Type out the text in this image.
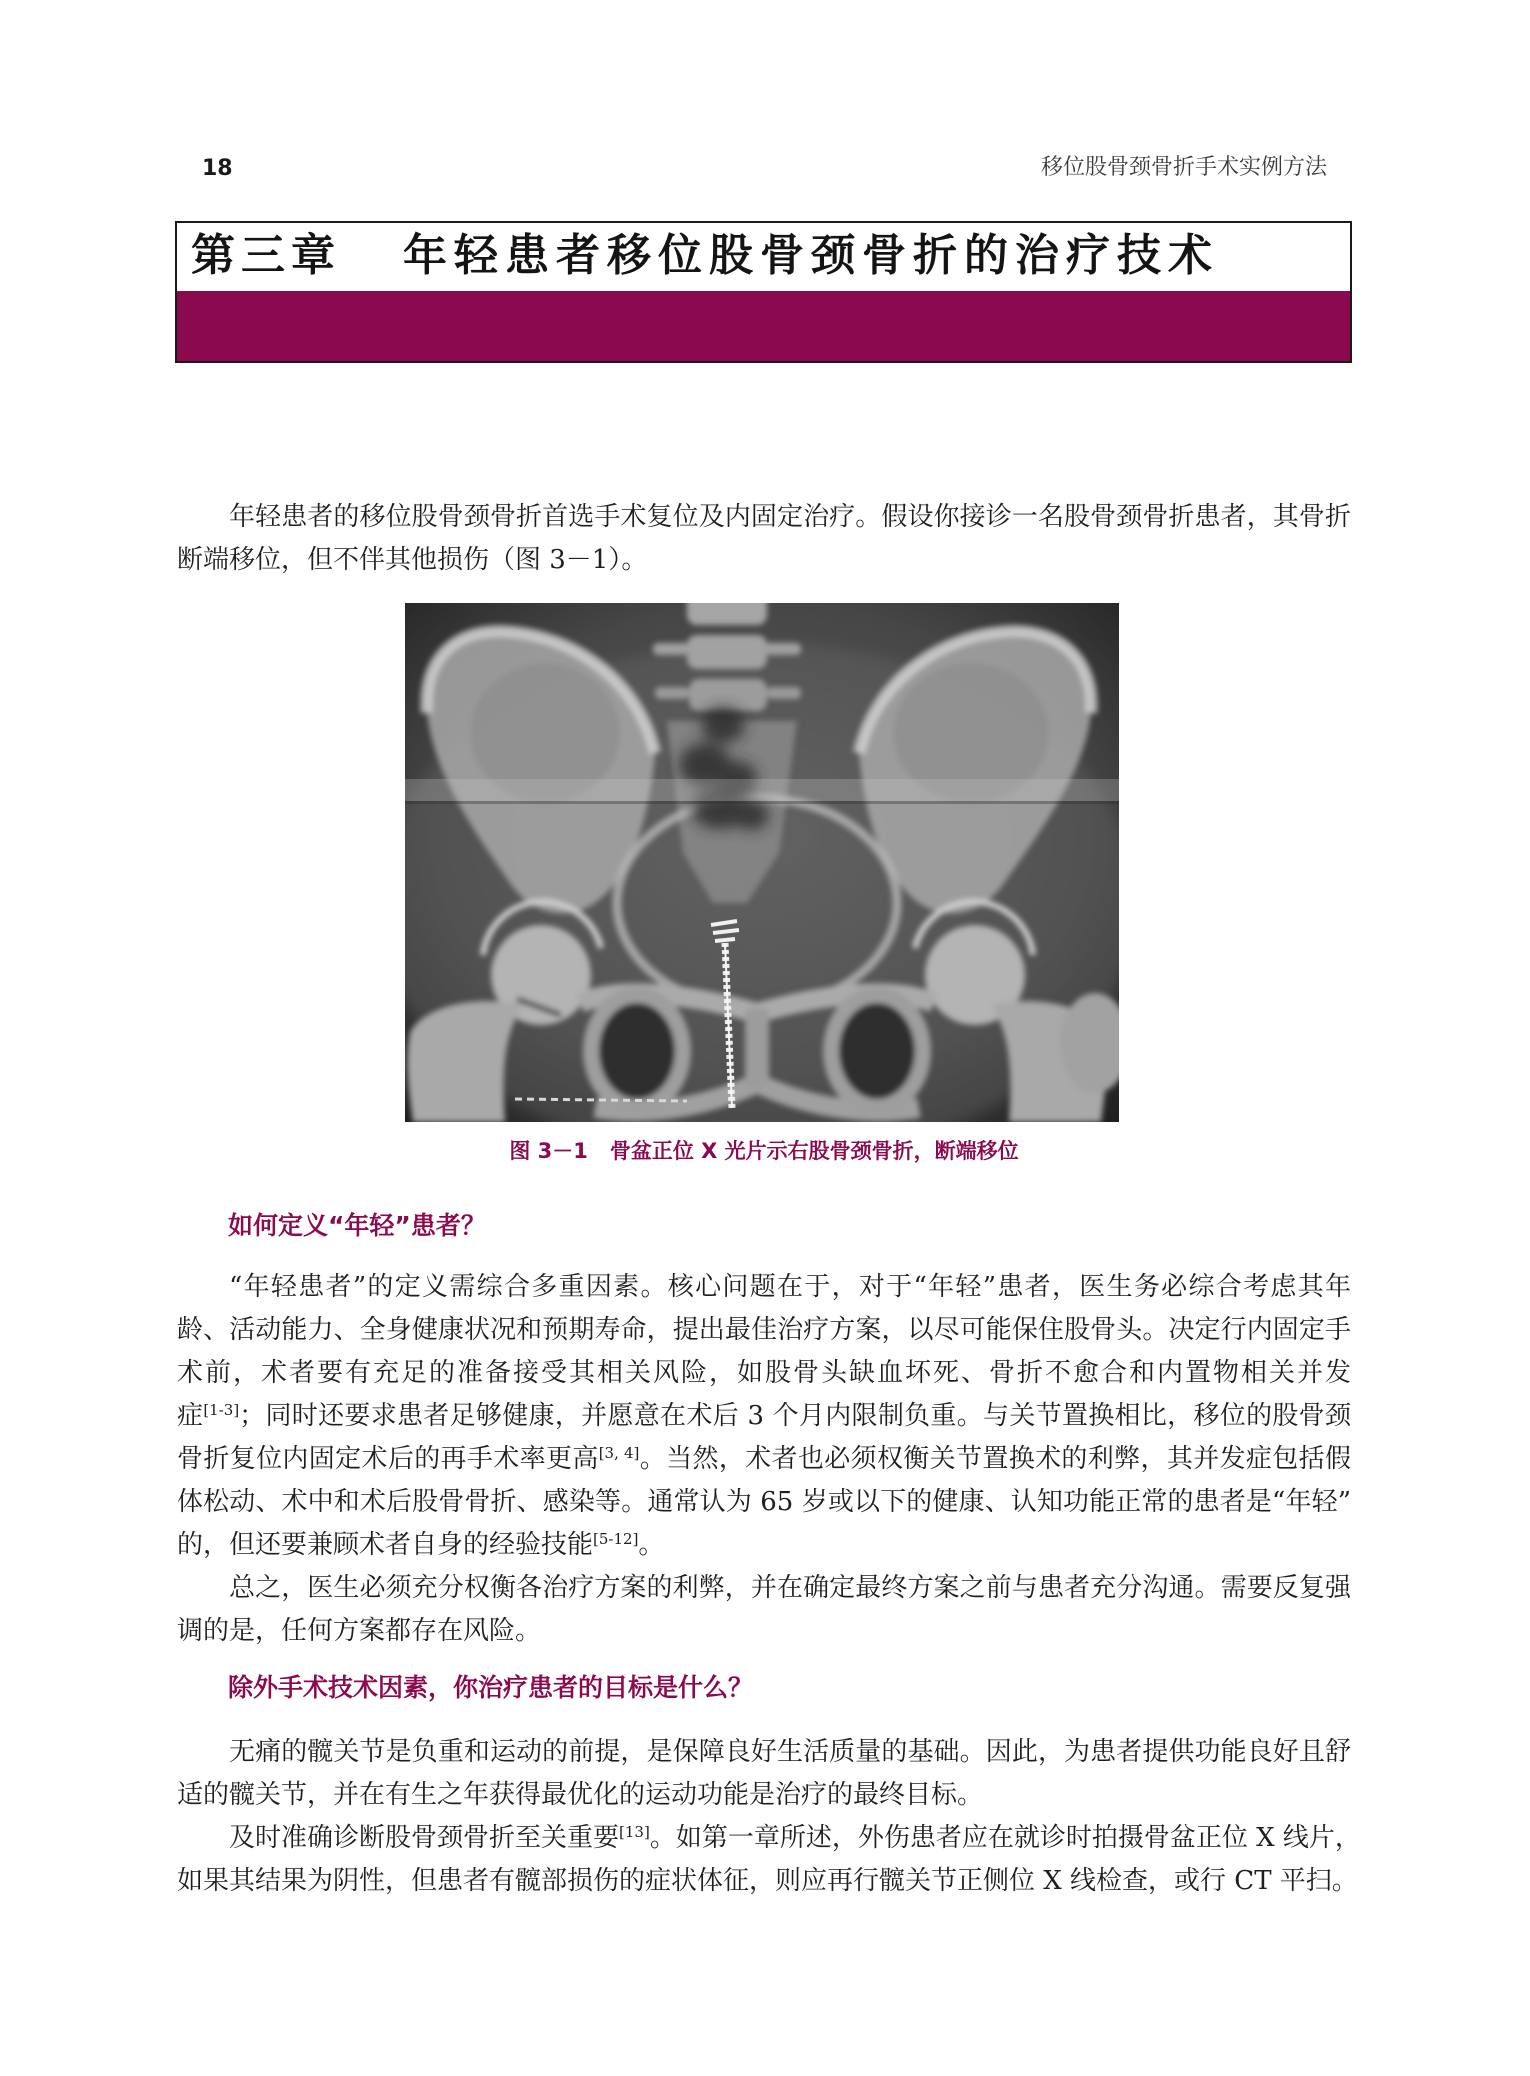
18	移位股骨颈骨折手术实例方法
第三章 年轻患者移位股骨颈骨折的治疗技术
年轻患者的移位股骨颈骨折首选手术复位及内固定治疗。假设你接诊一名股骨颈骨折患者，其骨折
断端移位，但不伴其他损伤（图 3－1）。
图 3－1 骨盆正位 X 光片示右股骨颈骨折，断端移位
如何定义“年轻”患者？
“年轻患者”的定义需综合多重因素。核心问题在于，对于“年轻”患者，医生务必综合考虑其年
龄、活动能力、全身健康状况和预期寿命，提出最佳治疗方案，以尽可能保住股骨头。决定行内固定手
术前，术者要有充足的准备接受其相关风险，如股骨头缺血坏死、骨折不愈合和内置物相关并发
症[1-3]；同时还要求患者足够健康，并愿意在术后 3 个月内限制负重。与关节置换相比，移位的股骨颈
骨折复位内固定术后的再手术率更高[3, 4]。当然，术者也必须权衡关节置换术的利弊，其并发症包括假
体松动、术中和术后股骨骨折、感染等。通常认为 65 岁或以下的健康、认知功能正常的患者是“年轻”
的，但还要兼顾术者自身的经验技能[5-12]。
总之，医生必须充分权衡各治疗方案的利弊，并在确定最终方案之前与患者充分沟通。需要反复强
调的是，任何方案都存在风险。
除外手术技术因素，你治疗患者的目标是什么？
无痛的髋关节是负重和运动的前提，是保障良好生活质量的基础。因此，为患者提供功能良好且舒
适的髋关节，并在有生之年获得最优化的运动功能是治疗的最终目标。
及时准确诊断股骨颈骨折至关重要[13]。如第一章所述，外伤患者应在就诊时拍摄骨盆正位 X 线片，
如果其结果为阴性，但患者有髋部损伤的症状体征，则应再行髋关节正侧位 X 线检查，或行 CT 平扫。
